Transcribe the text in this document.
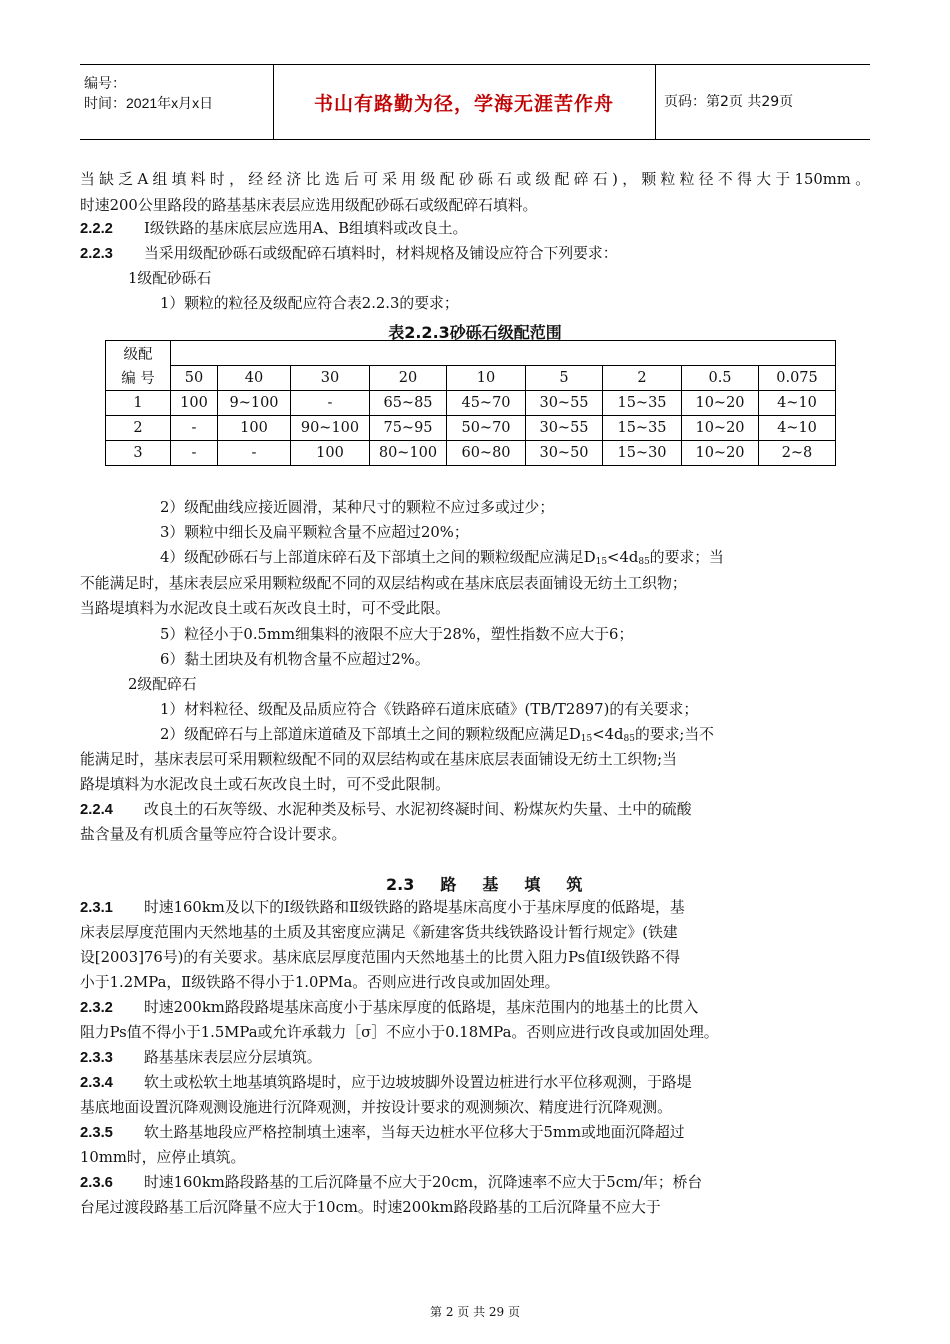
编号：
时间：2021年x月x日	书山有路勤为径，学海无涯苦作舟	页码：第2页 共29页
当缺乏A组填料时，经经济比选后可采用级配砂砾石或级配碎石)，颗粒粒径不得大于150mm。
时速200公里路段的路基基床表层应选用级配砂砾石或级配碎石填料。
2.2.2 Ⅰ级铁路的基床底层应选用A、B组填料或改良土。
2.2.3 当采用级配砂砾石或级配碎石填料时，材料规格及铺设应符合下列要求：
1级配砂砾石
1）颗粒的粒径及级配应符合表2.2.3的要求；
表2.2.3砂砾石级配范围
级配									
编 号	50	40	30	20	10	5	2	0.5	0.075
1	100	9~100	-	65~85	45~70	30~55	15~35	10~20	4~10
2	-	100	90~100	75~95	50~70	30~55	15~35	10~20	4~10
3	-	-	100	80~100	60~80	30~50	15~30	10~20	2~8
2）级配曲线应接近圆滑，某种尺寸的颗粒不应过多或过少；
3）颗粒中细长及扁平颗粒含量不应超过20%；
4）级配砂砾石与上部道床碎石及下部填土之间的颗粒级配应满足$D_{15}<4d_{85}$的要求；当
不能满足时，基床表层应采用颗粒级配不同的双层结构或在基床底层表面铺设无纺土工织物；
当路堤填料为水泥改良土或石灰改良土时，可不受此限。
5）粒径小于0.5mm细集料的液限不应大于28%，塑性指数不应大于6；
6）黏土团块及有机物含量不应超过2%。
2级配碎石
1）材料粒径、级配及品质应符合《铁路碎石道床底碴》(TB/T2897)的有关要求；
2）级配碎石与上部道床道碴及下部填土之间的颗粒级配应满足$D_{15}<4d_{85}$的要求;当不
能满足时，基床表层可采用颗粒级配不同的双层结构或在基床底层表面铺设无纺土工织物;当
路堤填料为水泥改良土或石灰改良土时，可不受此限制。
2.2.4 改良土的石灰等级、水泥种类及标号、水泥初终凝时间、粉煤灰灼失量、土中的硫酸
盐含量及有机质含量等应符合设计要求。
2.3 路 基 填 筑
2.3.1 时速160km及以下的Ⅰ级铁路和Ⅱ级铁路的路堤基床高度小于基床厚度的低路堤，基
床表层厚度范围内天然地基的土质及其密度应满足《新建客货共线铁路设计暂行规定》(铁建
设[2003]76号)的有关要求。基床底层厚度范围内天然地基土的比贯入阻力Ps值Ⅰ级铁路不得
小于1.2MPa，Ⅱ级铁路不得小于1.0PMa。否则应进行改良或加固处理。
2.3.2 时速200km路段路堤基床高度小于基床厚度的低路堤，基床范围内的地基土的比贯入
阻力Ps值不得小于1.5MPa或允许承载力［σ］不应小于0.18MPa。否则应进行改良或加固处理。
2.3.3 路基基床表层应分层填筑。
2.3.4 软土或松软土地基填筑路堤时，应于边坡坡脚外设置边桩进行水平位移观测，于路堤
基底地面设置沉降观测设施进行沉降观测，并按设计要求的观测频次、精度进行沉降观测。
2.3.5 软土路基地段应严格控制填土速率，当每天边桩水平位移大于5mm或地面沉降超过
10mm时，应停止填筑。
2.3.6 时速160km路段路基的工后沉降量不应大于20cm，沉降速率不应大于5cm/年；桥台
台尾过渡段路基工后沉降量不应大于10cm。时速200km路段路基的工后沉降量不应大于
第 2 页 共 29 页
